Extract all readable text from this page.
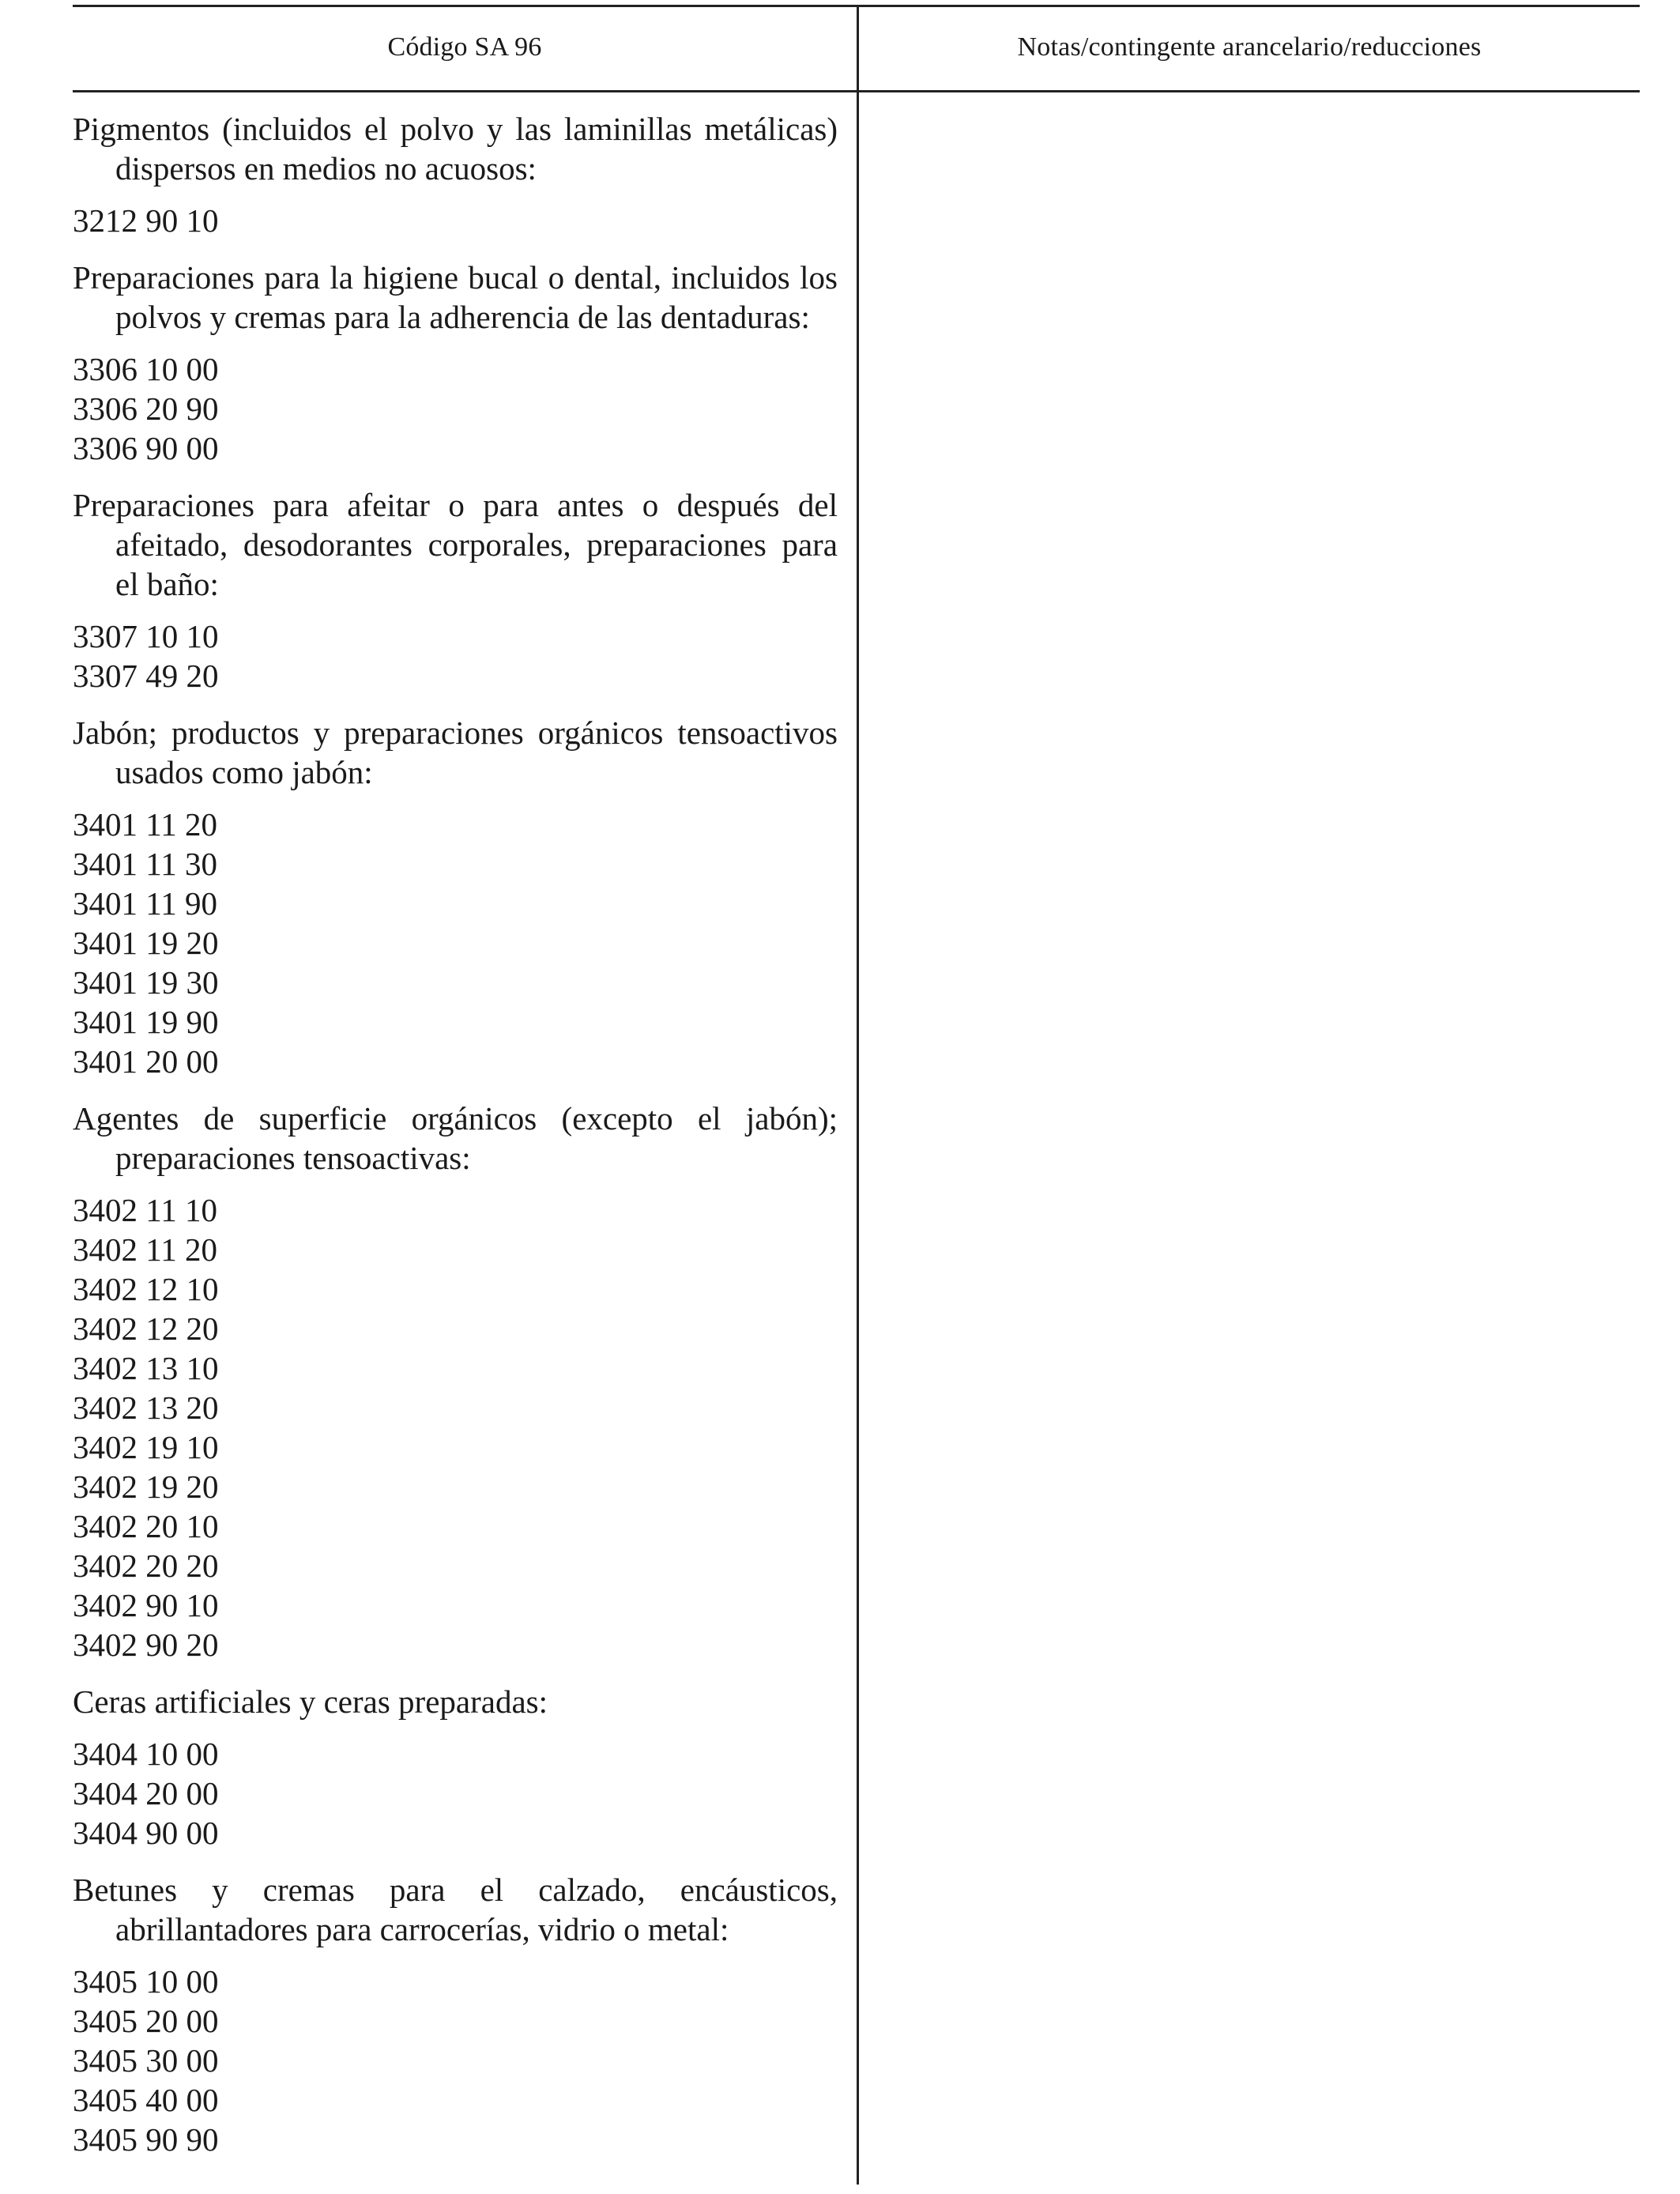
Código SA 96	Notas/contingente arancelario/reducciones
Pigmentos (incluidos el polvo y las laminillas metálicas) dispersos en medios no acuosos:
3212 90 10
Preparaciones para la higiene bucal o dental, incluidos los polvos y cremas para la adherencia de las dentaduras:
3306 10 00
3306 20 90
3306 90 00
Preparaciones para afeitar o para antes o después del afeitado, desodorantes corporales, preparaciones para el baño:
3307 10 10
3307 49 20
Jabón; productos y preparaciones orgánicos tensoactivos usados como jabón:
3401 11 20
3401 11 30
3401 11 90
3401 19 20
3401 19 30
3401 19 90
3401 20 00
Agentes de superficie orgánicos (excepto el jabón); preparaciones tensoactivas:
3402 11 10
3402 11 20
3402 12 10
3402 12 20
3402 13 10
3402 13 20
3402 19 10
3402 19 20
3402 20 10
3402 20 20
3402 90 10
3402 90 20
Ceras artificiales y ceras preparadas:
3404 10 00
3404 20 00
3404 90 00
Betunes y cremas para el calzado, encáusticos, abrillantadores para carrocerías, vidrio o metal:
3405 10 00
3405 20 00
3405 30 00
3405 40 00
3405 90 90
